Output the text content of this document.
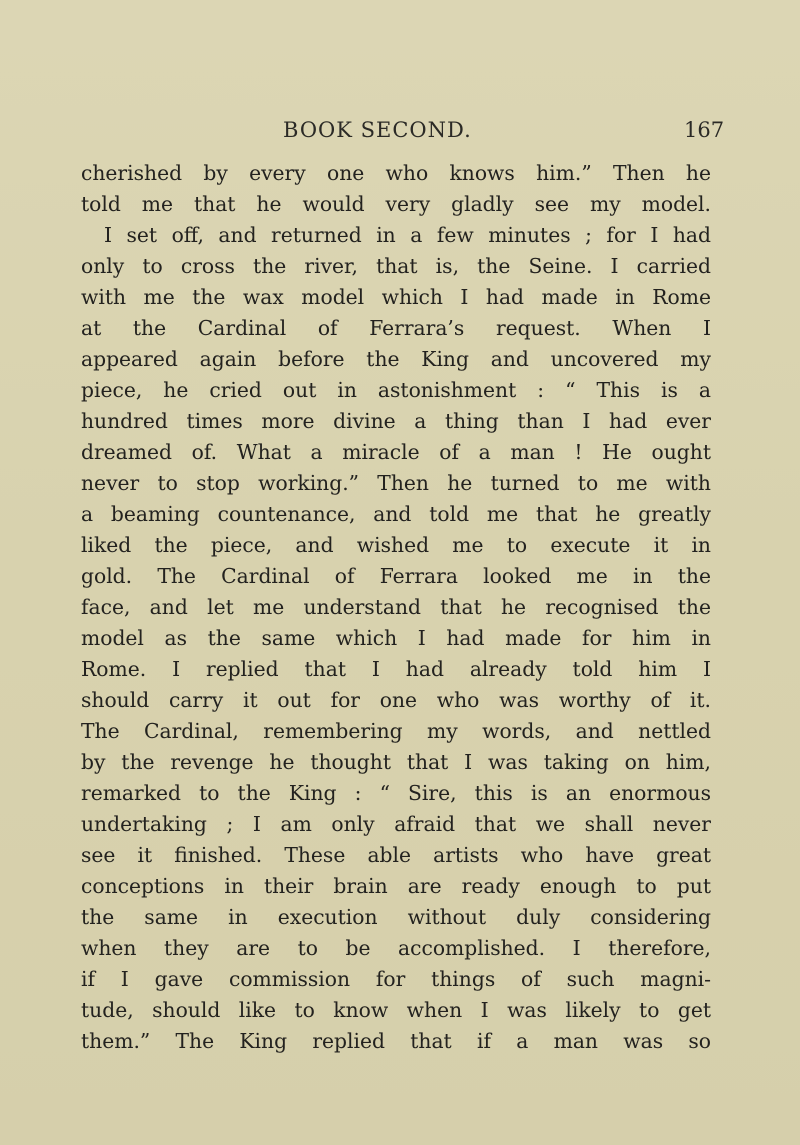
BOOK SECOND.	167
cherished by every one who knows him.” Then he
told me that he would very gladly see my model.
I set off, and returned in a few minutes ; for I had
only to cross the river, that is, the Seine. I carried
with me the wax model which I had made in Rome
at the Cardinal of Ferrara’s request. When I
appeared again before the King and uncovered my
piece, he cried out in astonishment : “ This is a
hundred times more divine a thing than I had ever
dreamed of. What a miracle of a man ! He ought
never to stop working.” Then he turned to me with
a beaming countenance, and told me that he greatly
liked the piece, and wished me to execute it in
gold. The Cardinal of Ferrara looked me in the
face, and let me understand that he recognised the
model as the same which I had made for him in
Rome. I replied that I had already told him I
should carry it out for one who was worthy of it.
The Cardinal, remembering my words, and nettled
by the revenge he thought that I was taking on him,
remarked to the King : “ Sire, this is an enormous
undertaking ; I am only afraid that we shall never
see it finished. These able artists who have great
conceptions in their brain are ready enough to put
the same in execution without duly considering
when they are to be accomplished. I therefore,
if I gave commission for things of such magni-
tude, should like to know when I was likely to get
them.” The King replied that if a man was so
